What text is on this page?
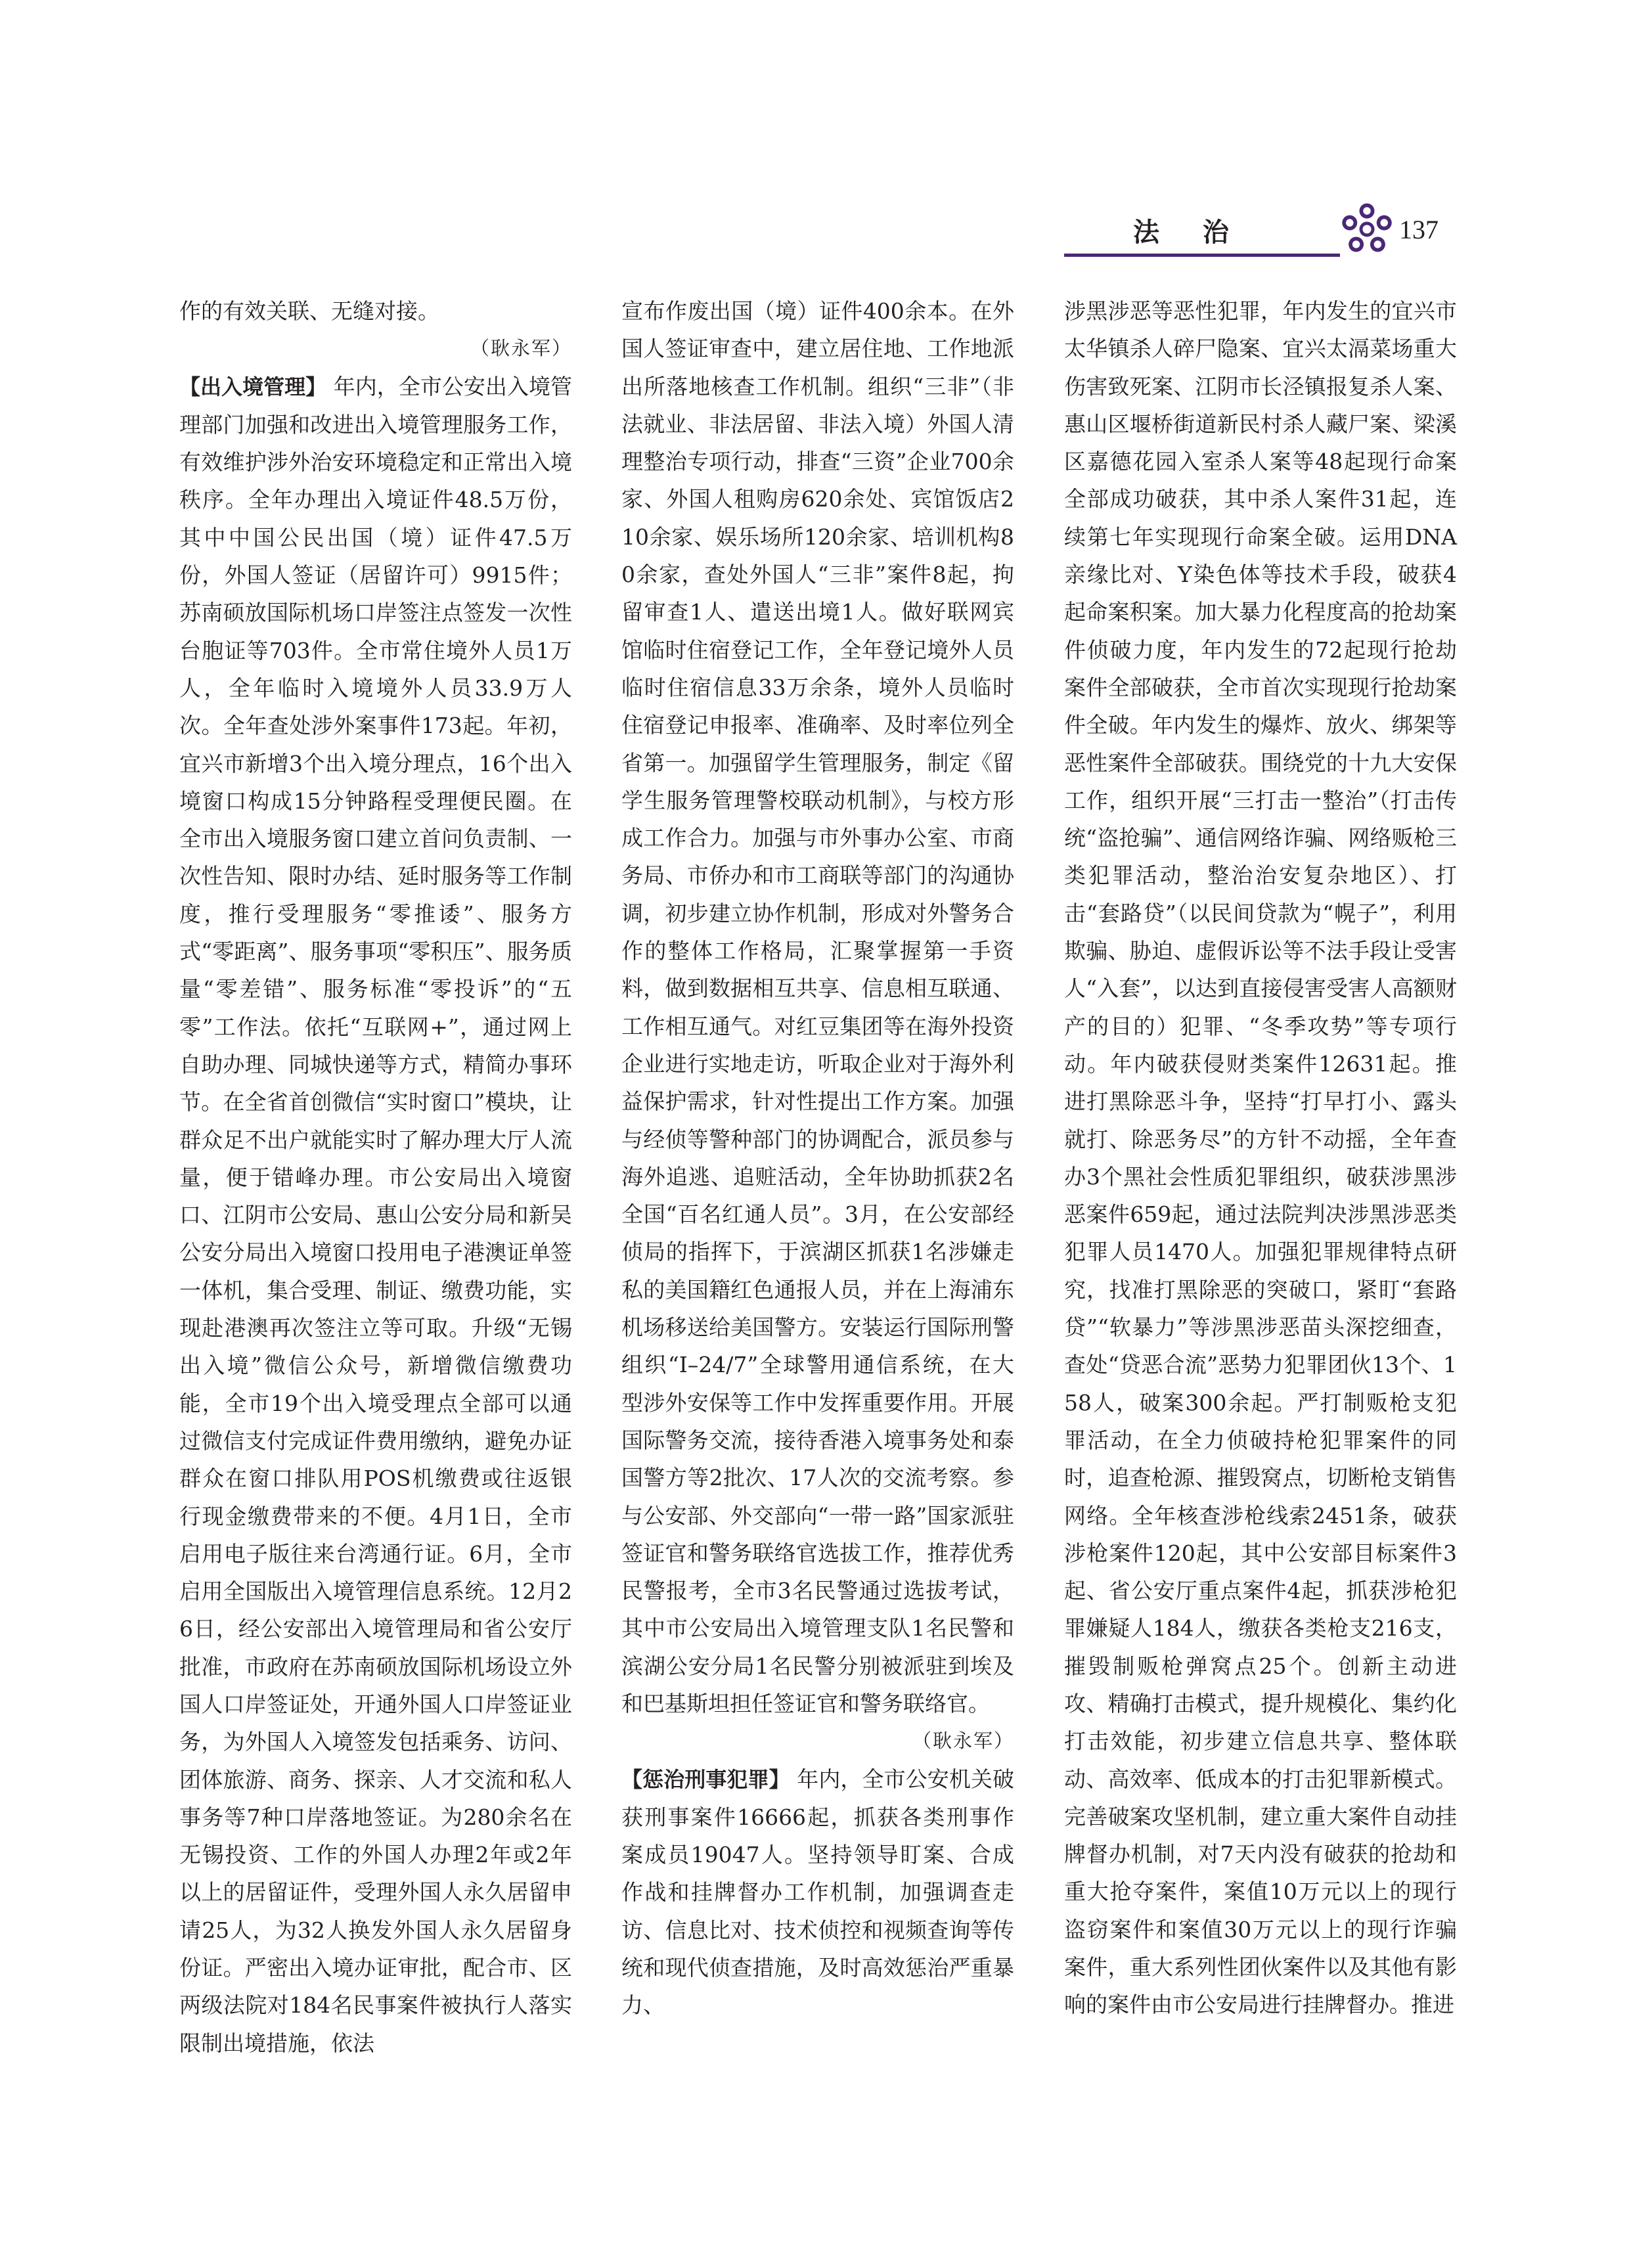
法 治	137

作的有效关联、无缝对接。

（耿永军）

【出入境管理】 年内，全市公安出入境管理部门加强和改进出入境管理服务工作，有效维护涉外治安环境稳定和正常出入境秩序。全年办理出入境证件48.5万份，其中中国公民出国（境）证件47.5万份，外国人签证（居留许可）9915件；苏南硕放国际机场口岸签注点签发一次性台胞证等703件。全市常住境外人员1万人，全年临时入境境外人员33.9万人次。全年查处涉外案事件173起。年初，宜兴市新增3个出入境分理点，16个出入境窗口构成15分钟路程受理便民圈。在全市出入境服务窗口建立首问负责制、一次性告知、限时办结、延时服务等工作制度，推行受理服务“零推诿”、服务方式“零距离”、服务事项“零积压”、服务质量“零差错”、服务标准“零投诉”的“五零”工作法。依托“互联网+”，通过网上自助办理、同城快递等方式，精简办事环节。在全省首创微信“实时窗口”模块，让群众足不出户就能实时了解办理大厅人流量，便于错峰办理。市公安局出入境窗口、江阴市公安局、惠山公安分局和新吴公安分局出入境窗口投用电子港澳证单签一体机，集合受理、制证、缴费功能，实现赴港澳再次签注立等可取。升级“无锡出入境”微信公众号，新增微信缴费功能，全市19个出入境受理点全部可以通过微信支付完成证件费用缴纳，避免办证群众在窗口排队用POS机缴费或往返银行现金缴费带来的不便。4月1日，全市启用电子版往来台湾通行证。6月，全市启用全国版出入境管理信息系统。12月26日，经公安部出入境管理局和省公安厅批准，市政府在苏南硕放国际机场设立外国人口岸签证处，开通外国人口岸签证业务，为外国人入境签发包括乘务、访问、团体旅游、商务、探亲、人才交流和私人事务等7种口岸落地签证。为280余名在无锡投资、工作的外国人办理2年或2年以上的居留证件，受理外国人永久居留申请25人，为32人换发外国人永久居留身份证。严密出入境办证审批，配合市、区两级法院对184名民事案件被执行人落实限制出境措施，依法

宣布作废出国（境）证件400余本。在外国人签证审查中，建立居住地、工作地派出所落地核查工作机制。组织“三非”（非法就业、非法居留、非法入境）外国人清理整治专项行动，排查“三资”企业700余家、外国人租购房620余处、宾馆饭店210余家、娱乐场所120余家、培训机构80余家，查处外国人“三非”案件8起，拘留审查1人、遣送出境1人。做好联网宾馆临时住宿登记工作，全年登记境外人员临时住宿信息33万余条，境外人员临时住宿登记申报率、准确率、及时率位列全省第一。加强留学生管理服务，制定《留学生服务管理警校联动机制》，与校方形成工作合力。加强与市外事办公室、市商务局、市侨办和市工商联等部门的沟通协调，初步建立协作机制，形成对外警务合作的整体工作格局，汇聚掌握第一手资料，做到数据相互共享、信息相互联通、工作相互通气。对红豆集团等在海外投资企业进行实地走访，听取企业对于海外利益保护需求，针对性提出工作方案。加强与经侦等警种部门的协调配合，派员参与海外追逃、追赃活动，全年协助抓获2名全国“百名红通人员”。3月，在公安部经侦局的指挥下，于滨湖区抓获1名涉嫌走私的美国籍红色通报人员，并在上海浦东机场移送给美国警方。安装运行国际刑警组织“I–24/7”全球警用通信系统，在大型涉外安保等工作中发挥重要作用。开展国际警务交流，接待香港入境事务处和泰国警方等2批次、17人次的交流考察。参与公安部、外交部向“一带一路”国家派驻签证官和警务联络官选拔工作，推荐优秀民警报考，全市3名民警通过选拔考试，其中市公安局出入境管理支队1名民警和滨湖公安分局1名民警分别被派驻到埃及和巴基斯坦担任签证官和警务联络官。

（耿永军）

【惩治刑事犯罪】 年内，全市公安机关破获刑事案件16666起，抓获各类刑事作案成员19047人。坚持领导盯案、合成作战和挂牌督办工作机制，加强调查走访、信息比对、技术侦控和视频查询等传统和现代侦查措施，及时高效惩治严重暴力、

涉黑涉恶等恶性犯罪，年内发生的宜兴市太华镇杀人碎尸隐案、宜兴太滆菜场重大伤害致死案、江阴市长泾镇报复杀人案、惠山区堰桥街道新民村杀人藏尸案、梁溪区嘉德花园入室杀人案等48起现行命案全部成功破获，其中杀人案件31起，连续第七年实现现行命案全破。运用DNA亲缘比对、Y染色体等技术手段，破获4起命案积案。加大暴力化程度高的抢劫案件侦破力度，年内发生的72起现行抢劫案件全部破获，全市首次实现现行抢劫案件全破。年内发生的爆炸、放火、绑架等恶性案件全部破获。围绕党的十九大安保工作，组织开展“三打击一整治”（打击传统“盗抢骗”、通信网络诈骗、网络贩枪三类犯罪活动，整治治安复杂地区）、打击“套路贷”（以民间贷款为“幌子”，利用欺骗、胁迫、虚假诉讼等不法手段让受害人“入套”，以达到直接侵害受害人高额财产的目的）犯罪、“冬季攻势”等专项行动。年内破获侵财类案件12631起。推进打黑除恶斗争，坚持“打早打小、露头就打、除恶务尽”的方针不动摇，全年查办3个黑社会性质犯罪组织，破获涉黑涉恶案件659起，通过法院判决涉黑涉恶类犯罪人员1470人。加强犯罪规律特点研究，找准打黑除恶的突破口，紧盯“套路贷”“软暴力”等涉黑涉恶苗头深挖细查，查处“贷恶合流”恶势力犯罪团伙13个、158人，破案300余起。严打制贩枪支犯罪活动，在全力侦破持枪犯罪案件的同时，追查枪源、摧毁窝点，切断枪支销售网络。全年核查涉枪线索2451条，破获涉枪案件120起，其中公安部目标案件3起、省公安厅重点案件4起，抓获涉枪犯罪嫌疑人184人，缴获各类枪支216支，摧毁制贩枪弹窝点25个。创新主动进攻、精确打击模式，提升规模化、集约化打击效能，初步建立信息共享、整体联动、高效率、低成本的打击犯罪新模式。完善破案攻坚机制，建立重大案件自动挂牌督办机制，对7天内没有破获的抢劫和重大抢夺案件，案值10万元以上的现行盗窃案件和案值30万元以上的现行诈骗案件，重大系列性团伙案件以及其他有影响的案件由市公安局进行挂牌督办。推进
